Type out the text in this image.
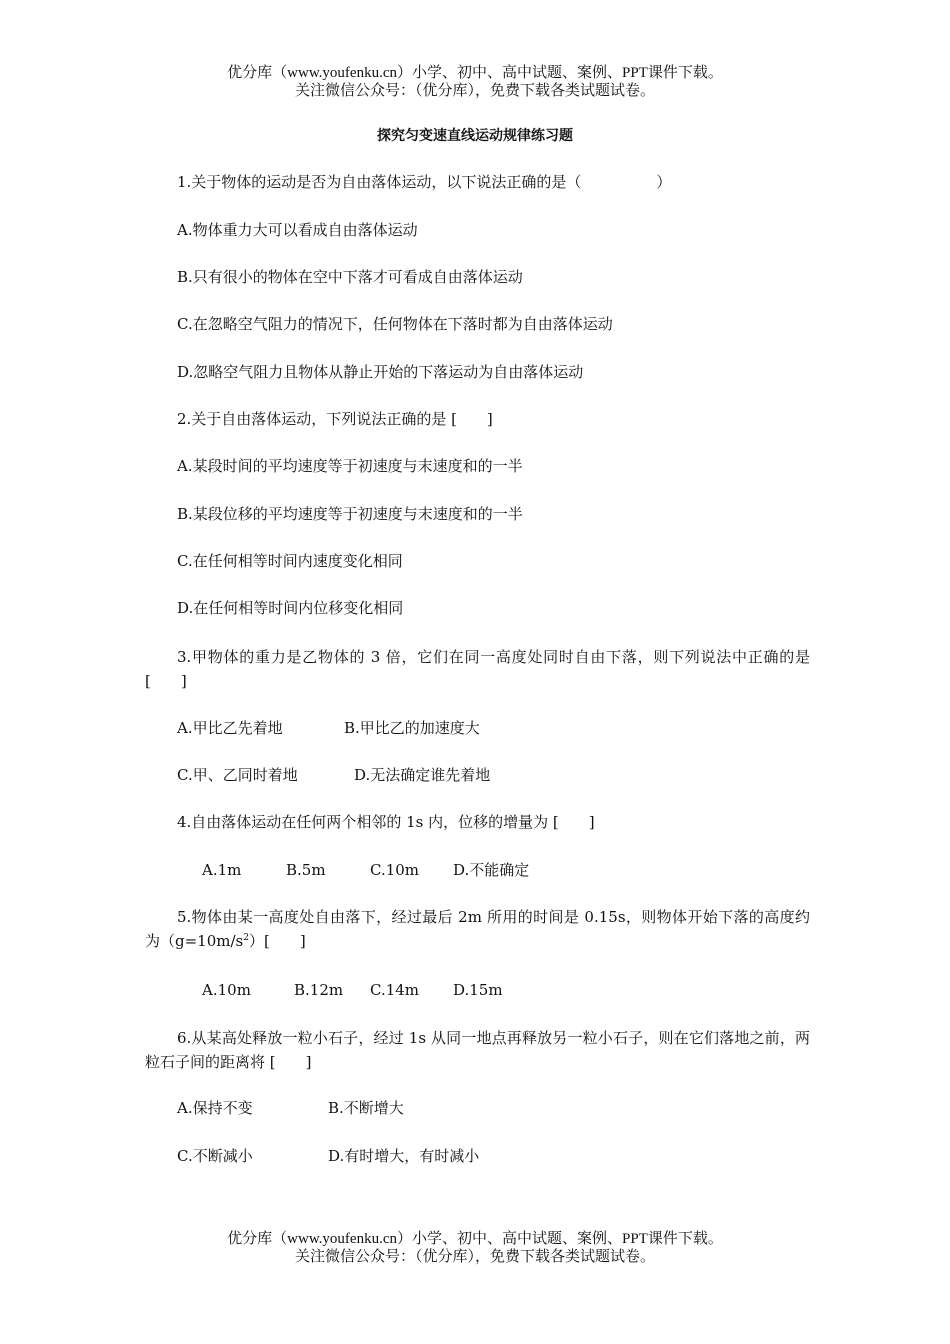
优分库（www.youfenku.cn）小学、初中、高中试题、案例、PPT课件下载。
关注微信公众号：（优分库），免费下载各类试题试卷。
探究匀变速直线运动规律练习题
1.关于物体的运动是否为自由落体运动，以下说法正确的是（　　　　　）
A.物体重力大可以看成自由落体运动
B.只有很小的物体在空中下落才可看成自由落体运动
C.在忽略空气阻力的情况下，任何物体在下落时都为自由落体运动
D.忽略空气阻力且物体从静止开始的下落运动为自由落体运动
2.关于自由落体运动，下列说法正确的是 [　　]
A.某段时间的平均速度等于初速度与末速度和的一半
B.某段位移的平均速度等于初速度与末速度和的一半
C.在任何相等时间内速度变化相同
D.在任何相等时间内位移变化相同
3.甲物体的重力是乙物体的 3 倍，它们在同一高度处同时自由下落，则下列说法中正确的是 [　　]
A.甲比乙先着地	B.甲比乙的加速度大
C.甲、乙同时着地	D.无法确定谁先着地
4.自由落体运动在任何两个相邻的 1s 内，位移的增量为 [　　]
A.1m	B.5m	C.10m D.不能确定
5.物体由某一高度处自由落下，经过最后 2m 所用的时间是 0.15s，则物体开始下落的高度约为$(g=10m/s^2)$[　　]
A.10m	B.12m C.14m D.15m
6.从某高处释放一粒小石子，经过 1s 从同一地点再释放另一粒小石子，则在它们落地之前，两粒石子间的距离将 [　　]
A.保持不变	B.不断增大
C.不断减小	D.有时增大，有时减小
优分库（www.youfenku.cn）小学、初中、高中试题、案例、PPT课件下载。
关注微信公众号：（优分库），免费下载各类试题试卷。
